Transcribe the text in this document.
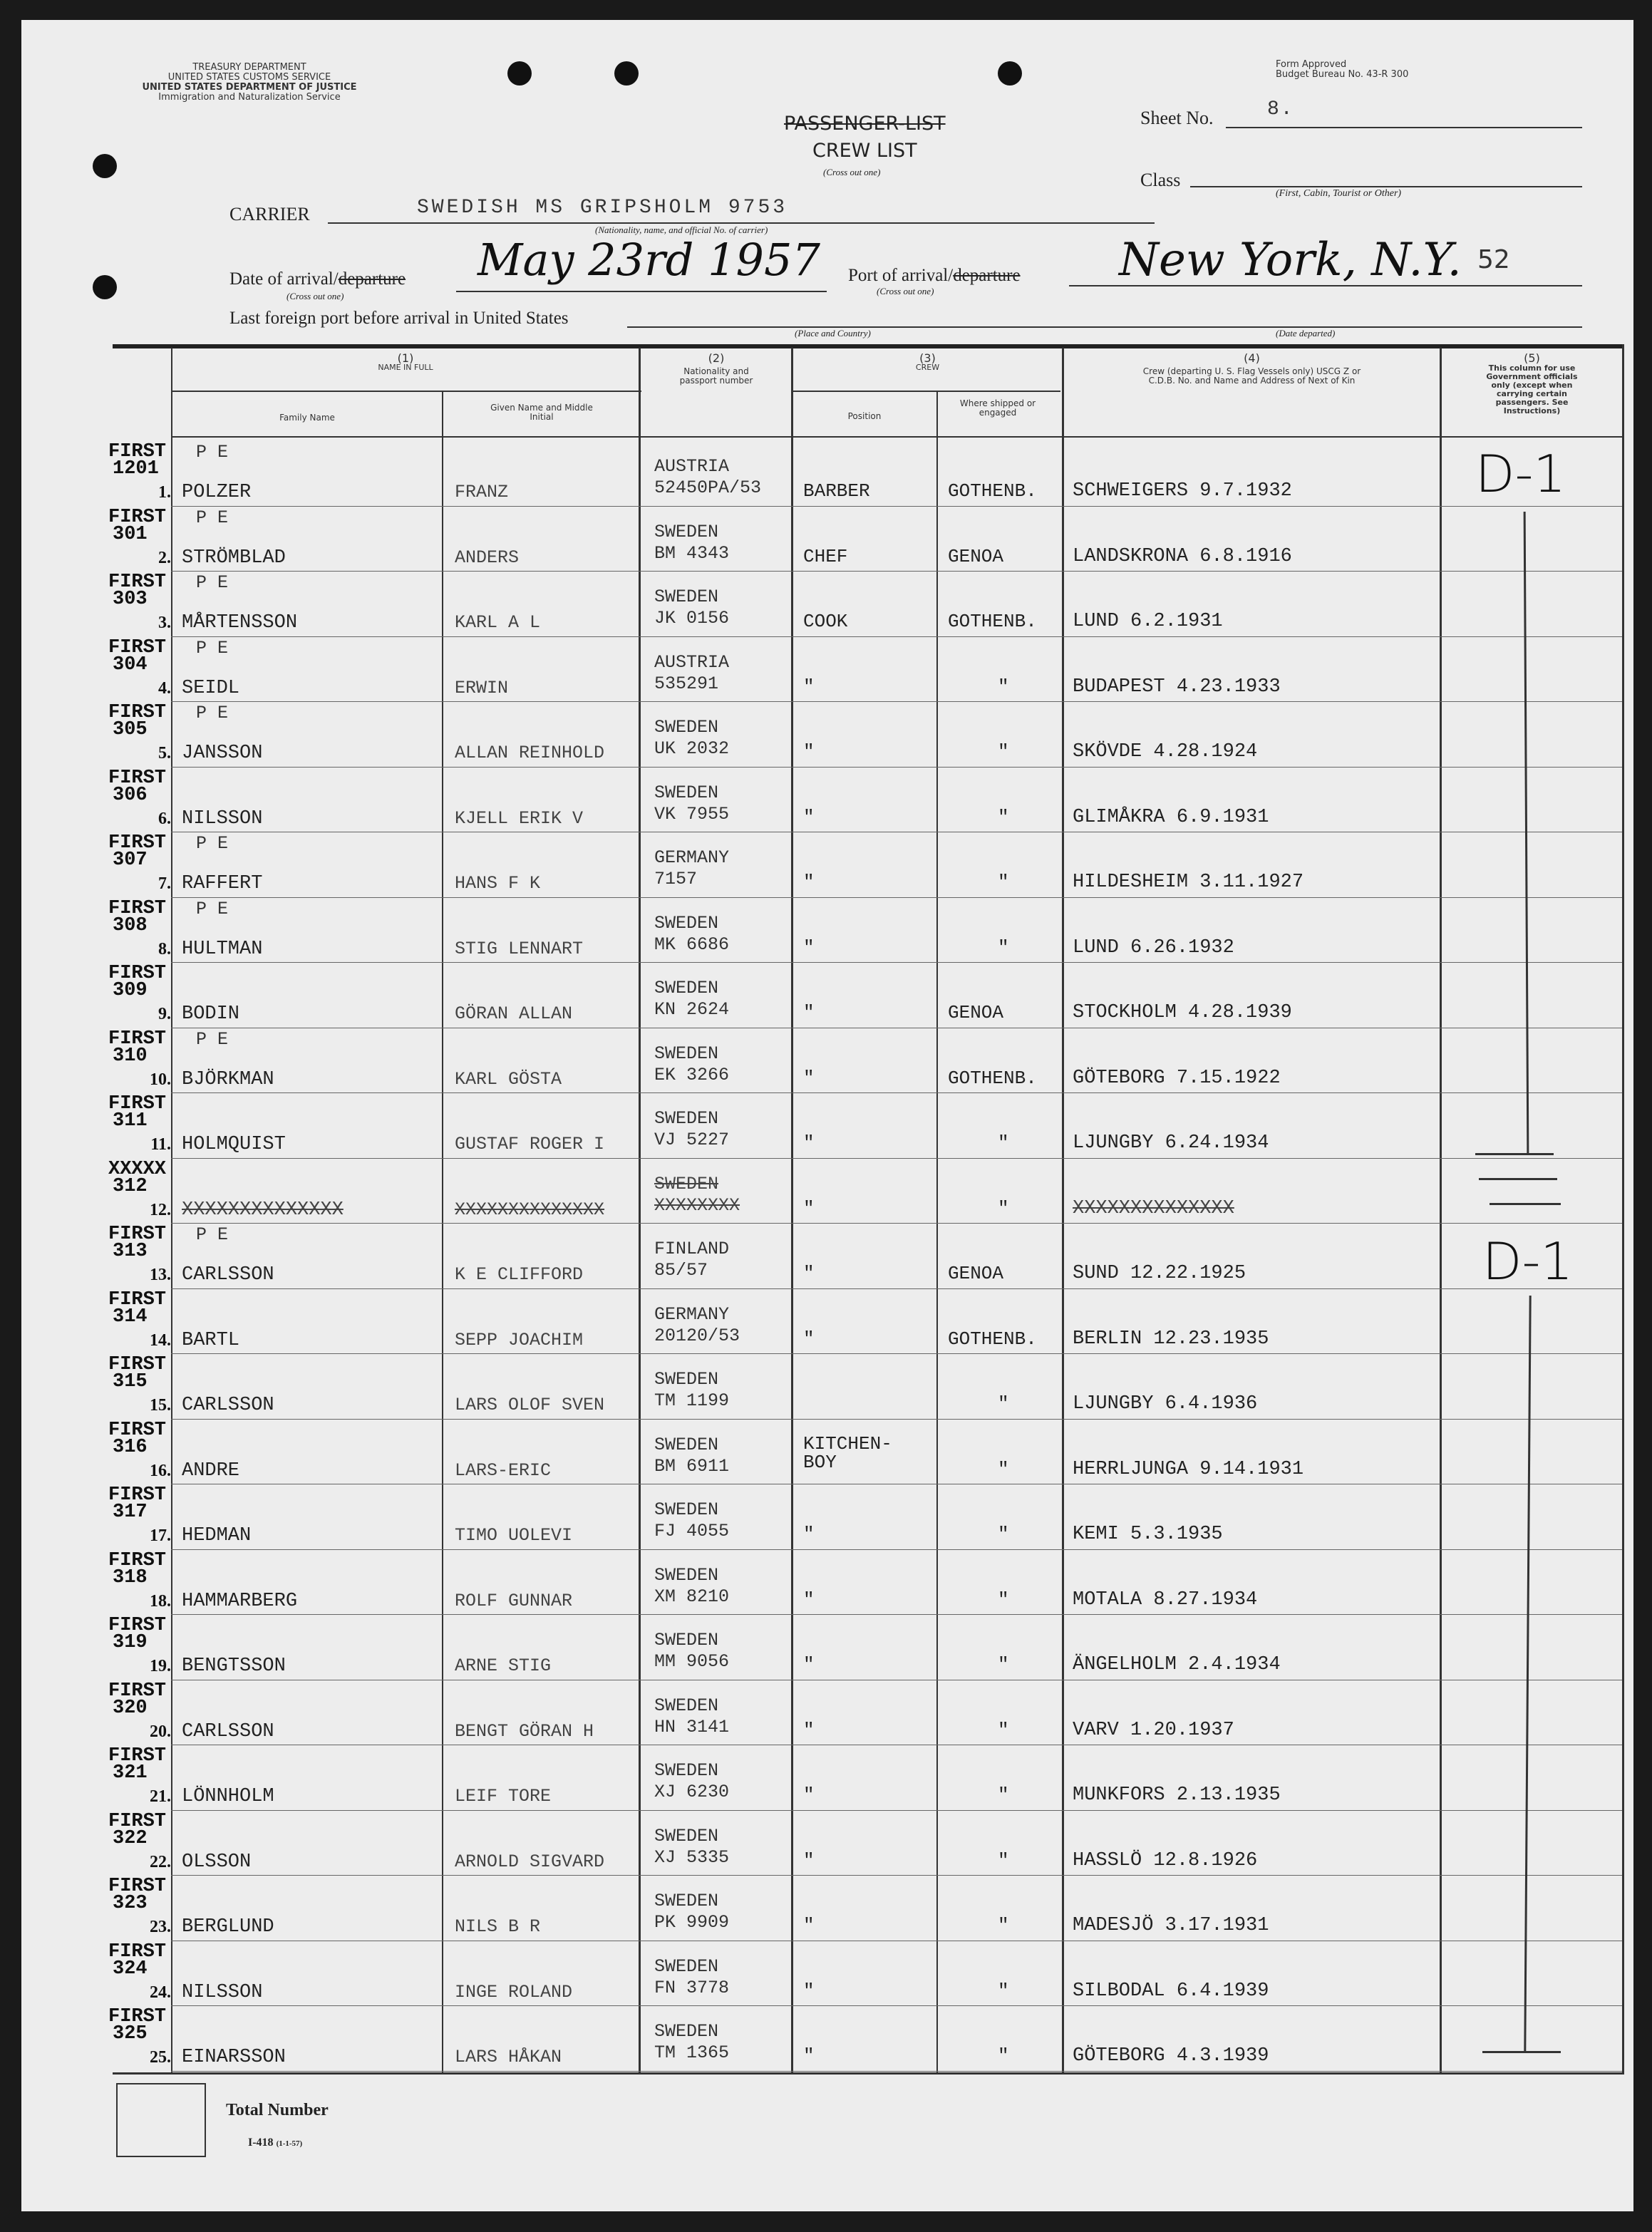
TREASURY DEPARTMENT
UNITED STATES CUSTOMS SERVICE
UNITED STATES DEPARTMENT OF JUSTICE
Immigration and Naturalization Service
Form Approved
Budget Bureau No. 43-R 300
PASSENGER-LIST
CREW LIST
(Cross out one)
Sheet No.	8.
Class
(First, Cabin, Tourist or Other)
CARRIER	SWEDISH MS GRIPSHOLM 9753
(Nationality, name, and official No. of carrier)
Date of arrival/departure
(Cross out one)
May 23rd 1957 Port of arrival/departure
(Cross out one)
New York, N.Y. 52
Last foreign port before arrival in United States
(Place and Country)	(Date departed)
(1)
NAME IN FULL
Family Name
Given Name and Middle Initial
(2)
Nationality and passport number
(3)
CREW
Position
Where shipped or engaged
(4)
Crew (departing U. S. Flag Vessels only) USCG Z or C.D.B. No. and Name and Address of Next of Kin
(5)
This column for use Government officials only (except when carrying certain passengers. See Instructions)
FIRST P E
1201
1. POLZER	FRANZ
AUSTRIA
52450PA/53 BARBER	GOTHENB. SCHWEIGERS 9.7.1932
FIRST P E
301
2. STRÖMBLAD	ANDERS
SWEDEN
BM 4343	CHEF	GENOA	LANDSKRONA 6.8.1916
FIRST P E
303
3. MÅRTENSSON	KARL A L
SWEDEN
JK 0156	COOK	GOTHENB. LUND 6.2.1931
FIRST P E
304
4. SEIDL	ERWIN
AUSTRIA
535291	"	"	BUDAPEST 4.23.1933
FIRST P E
305
5. JANSSON	ALLAN REINHOLD
SWEDEN
UK 2032	"	"	SKÖVDE 4.28.1924
FIRST
306
6. NILSSON	KJELL ERIK V
SWEDEN
VK 7955	"	"	GLIMÅKRA 6.9.1931
FIRST P E
307
7. RAFFERT	HANS F K
GERMANY
7157	"	"	HILDESHEIM 3.11.1927
FIRST P E
308
8. HULTMAN	STIG LENNART
SWEDEN
MK 6686	"	"	LUND 6.26.1932
FIRST
309
9. BODIN	GÖRAN ALLAN
SWEDEN
KN 2624	"	GENOA	STOCKHOLM 4.28.1939
FIRST P E
310
10. BJÖRKMAN	KARL GÖSTA
SWEDEN
EK 3266	"	GOTHENB. GÖTEBORG 7.15.1922
FIRST
311
11. HOLMQUIST	GUSTAF ROGER I
SWEDEN
VJ 5227	"	"	LJUNGBY 6.24.1934
XXXXX
312
12. XXXXXXXXXXXXXX	XXXXXXXXXXXXXX
SWEDEN
XXXXXXXX	"	"	XXXXXXXXXXXXXX
FIRST P E
313
13. CARLSSON	K E CLIFFORD
FINLAND
85/57	"	GENOA	SUND 12.22.1925
FIRST
314
14. BARTL	SEPP JOACHIM
GERMANY
20120/53	"	GOTHENB. BERLIN 12.23.1935
FIRST
315
15. CARLSSON	LARS OLOF SVEN
SWEDEN
TM 1199	"	LJUNGBY 6.4.1936
FIRST
316
16. ANDRE	LARS-ERIC
SWEDEN
BM 6911
KITCHEN-
BOY	"	HERRLJUNGA 9.14.1931
FIRST
317
17. HEDMAN	TIMO UOLEVI
SWEDEN
FJ 4055	"	"	KEMI 5.3.1935
FIRST
318
18. HAMMARBERG	ROLF GUNNAR
SWEDEN
XM 8210	"	"	MOTALA 8.27.1934
FIRST
319
19. BENGTSSON	ARNE STIG
SWEDEN
MM 9056	"	"	ÄNGELHOLM 2.4.1934
FIRST
320
20. CARLSSON	BENGT GÖRAN H
SWEDEN
HN 3141	"	"	VARV 1.20.1937
FIRST
321
21. LÖNNHOLM	LEIF TORE
SWEDEN
XJ 6230	"	"	MUNKFORS 2.13.1935
FIRST
322
22. OLSSON	ARNOLD SIGVARD
SWEDEN
XJ 5335	"	"	HASSLÖ 12.8.1926
FIRST
323
23. BERGLUND	NILS B R
SWEDEN
PK 9909	"	"	MADESJÖ 3.17.1931
FIRST
324
24. NILSSON	INGE ROLAND
SWEDEN
FN 3778	"	"	SILBODAL 6.4.1939
FIRST
325
25. EINARSSON	LARS HÅKAN
SWEDEN
TM 1365	"	"	GÖTEBORG 4.3.1939
D-1
D-1
Total Number
I-418 (1-1-57)
